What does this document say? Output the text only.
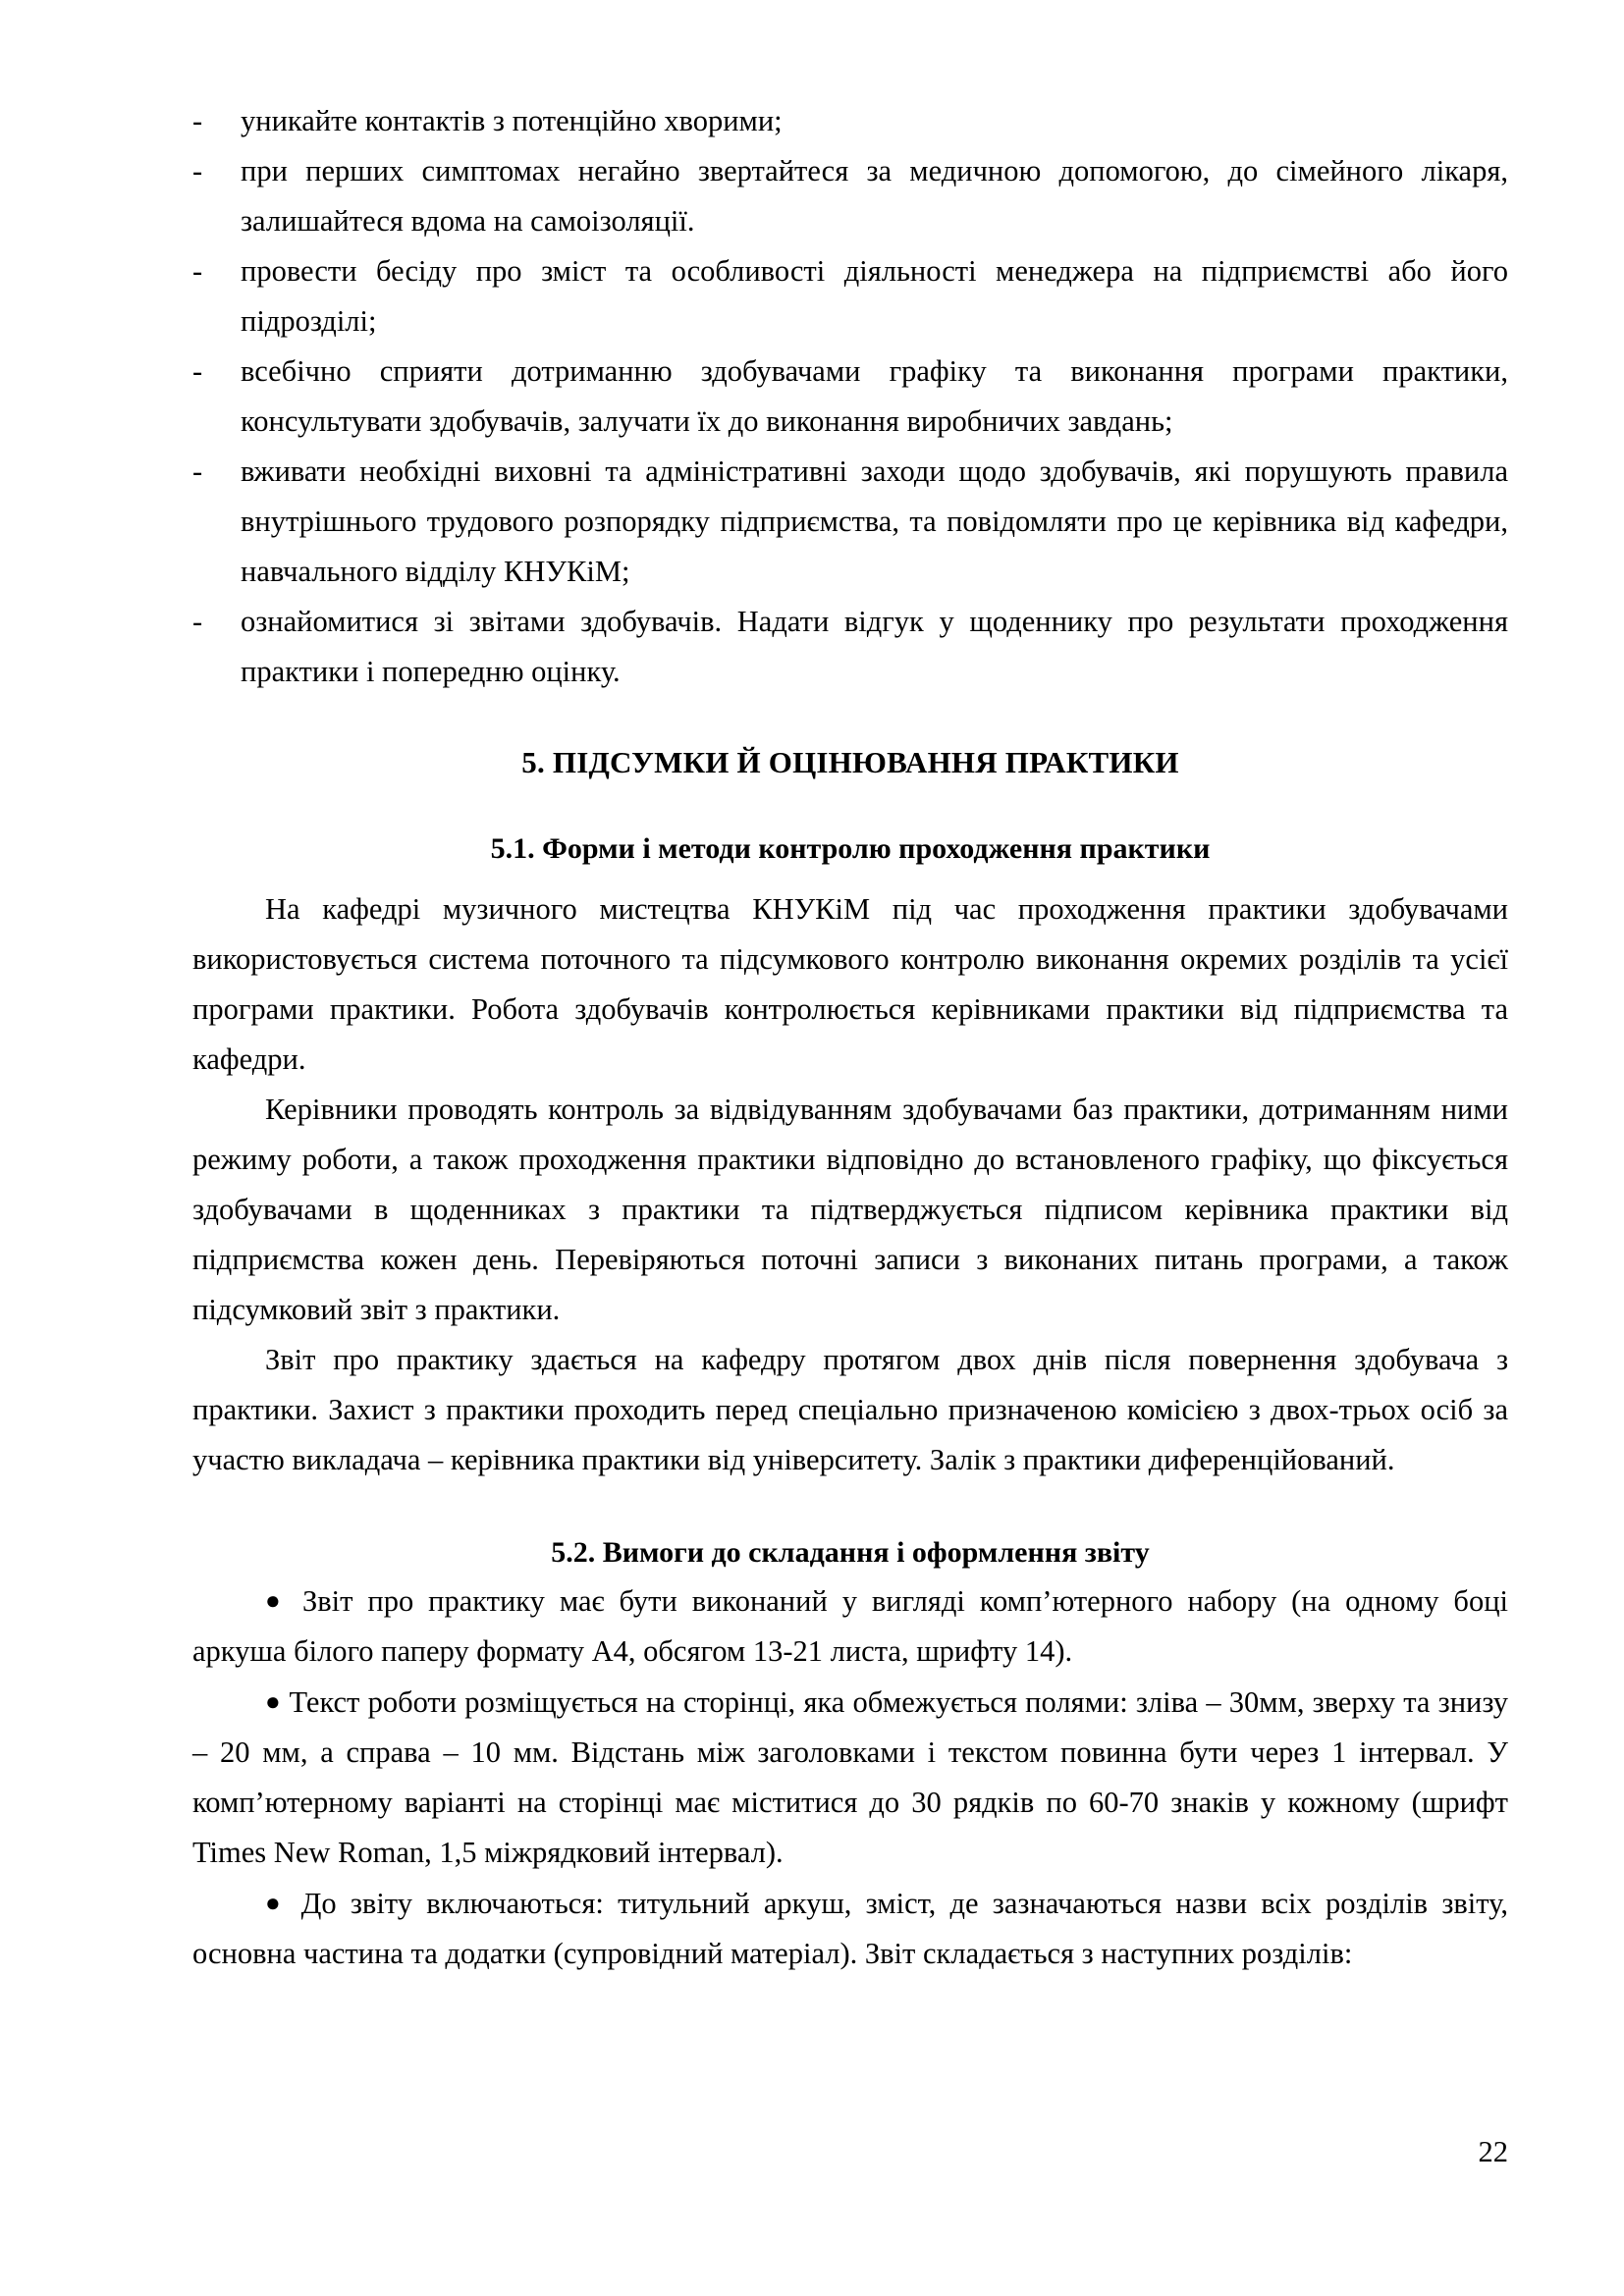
-	уникайте контактів з потенційно хворими;
-	при перших симптомах негайно звертайтеся за медичною допомогою, до сімейного лікаря, залишайтеся вдома на самоізоляції.
-	провести бесіду про зміст та особливості діяльності менеджера на підприємстві або його підрозділі;
-	всебічно сприяти дотриманню здобувачами графіку та виконання програми практики, консультувати здобувачів, залучати їх до виконання виробничих завдань;
-	вживати необхідні виховні та адміністративні заходи щодо здобувачів, які порушують правила внутрішнього трудового розпорядку підприємства, та повідомляти про це керівника від кафедри, навчального відділу КНУКіМ;
-	ознайомитися зі звітами здобувачів. Надати відгук у щоденнику про результати проходження практики і попередню оцінку.
5. ПІДСУМКИ Й ОЦІНЮВАННЯ ПРАКТИКИ
5.1. Форми і методи контролю проходження практики

На кафедрі музичного мистецтва КНУКіМ під час проходження практики здобувачами використовується система поточного та підсумкового контролю виконання окремих розділів та усієї програми практики. Робота здобувачів контролюється керівниками практики від підприємства та кафедри.

Керівники проводять контроль за відвідуванням здобувачами баз практики, дотриманням ними режиму роботи, а також проходження практики відповідно до встановленого графіку, що фіксується здобувачами в щоденниках з практики та підтверджується підписом керівника практики від підприємства кожен день. Перевіряються поточні записи з виконаних питань програми, а також підсумковий звіт з практики.

Звіт про практику здається на кафедру протягом двох днів після повернення здобувача з практики. Захист з практики проходить перед спеціально призначеною комісією з двох-трьох осіб за участю викладача – керівника практики від університету. Залік з практики диференційований.

5.2. Вимоги до складання і оформлення звіту

● Звіт про практику має бути виконаний у вигляді комп’ютерного набору (на одному боці аркуша білого паперу формату А4, обсягом 13-21 листа, шрифту 14).

● Текст роботи розміщується на сторінці, яка обмежується полями: зліва – 30мм, зверху та знизу – 20 мм, а справа – 10 мм. Відстань між заголовками і текстом повинна бути через 1 інтервал. У комп’ютерному варіанті на сторінці має міститися до 30 рядків по 60-70 знаків у кожному (шрифт Times New Roman, 1,5 міжрядковий інтервал).

● До звіту включаються: титульний аркуш, зміст, де зазначаються назви всіх розділів звіту, основна частина та додатки (супровідний матеріал). Звіт складається з наступних розділів:

22
